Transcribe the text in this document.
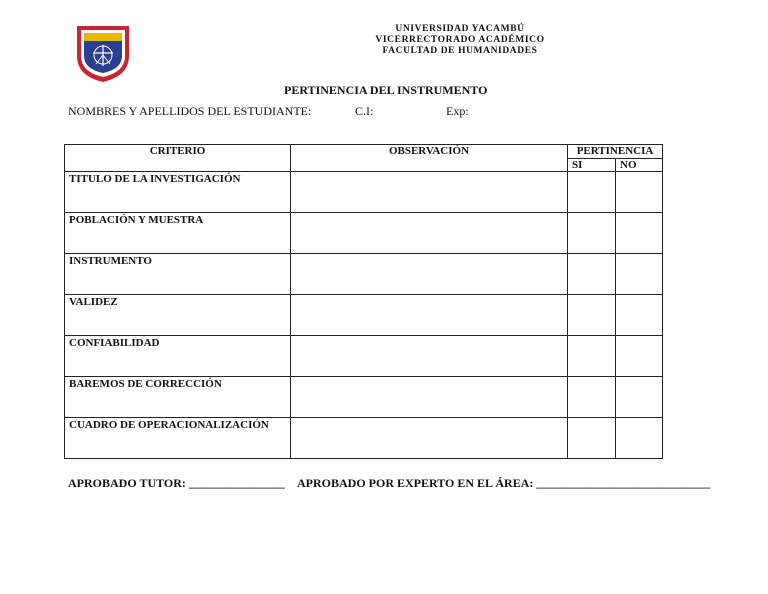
UNIVERSIDAD YACAMBÚ
VICERRECTORADO ACADÉMICO
FACULTAD DE HUMANIDADES
PERTINENCIA DEL INSTRUMENTO
NOMBRES Y APELLIDOS DEL ESTUDIANTE:	C.I:	Exp:
CRITERIO	OBSERVACIÓN	PERTINENCIA	
		SI	NO
TITULO DE LA INVESTIGACIÓN			
POBLACIÓN Y MUESTRA			
INSTRUMENTO			
VALIDEZ			
CONFIABILIDAD			
BAREMOS DE CORRECCIÓN			
CUADRO DE OPERACIONALIZACIÓN			
APROBADO TUTOR: ________________ APROBADO POR EXPERTO EN EL ÁREA: _____________________________
